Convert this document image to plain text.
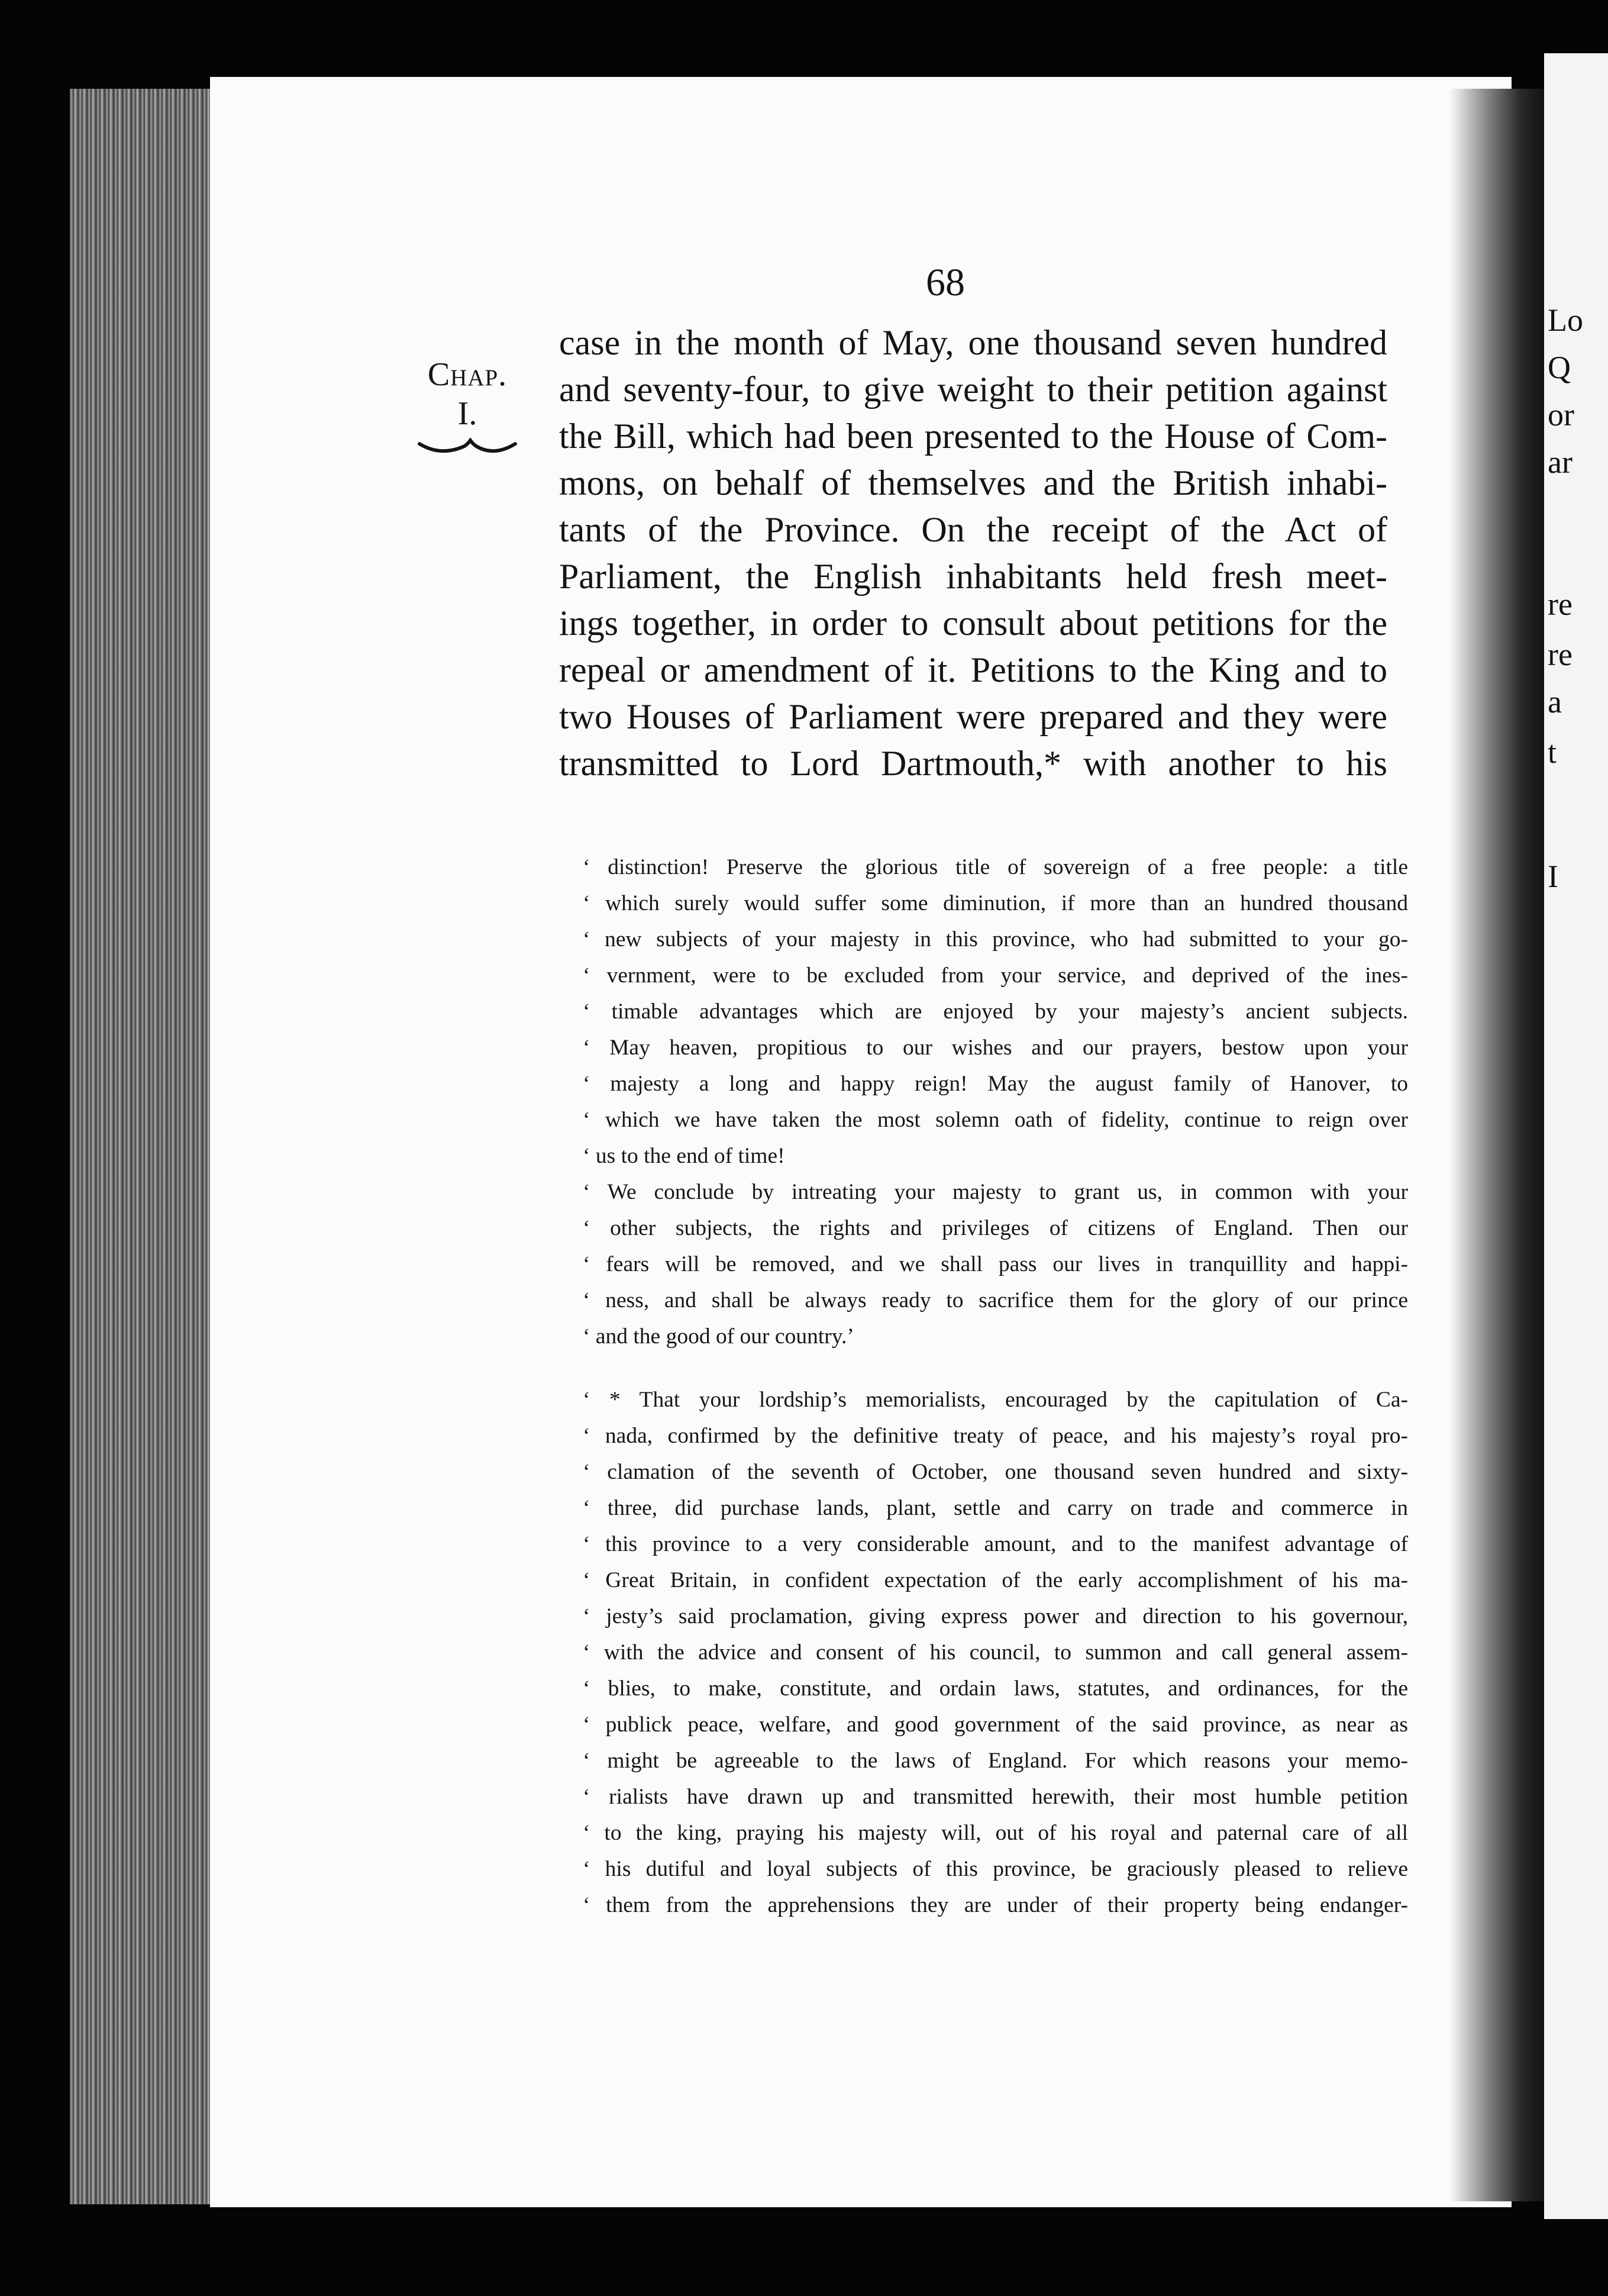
Lo
Q
or
ar
re
re
a
t
I
68
Chap.
I.
case in the month of May, one thousand seven hundred
and seventy-four, to give weight to their petition against
the Bill, which had been presented to the House of Com-
mons, on behalf of themselves and the British inhabi-
tants of the Province. On the receipt of the Act of
Parliament, the English inhabitants held fresh meet-
ings together, in order to consult about petitions for the
repeal or amendment of it. Petitions to the King and to
two Houses of Parliament were prepared and they were
transmitted to Lord Dartmouth,* with another to his
‘ distinction! Preserve the glorious title of sovereign of a free people: a title
‘ which surely would suffer some diminution, if more than an hundred thousand
‘ new subjects of your majesty in this province, who had submitted to your go-
‘ vernment, were to be excluded from your service, and deprived of the ines-
‘ timable advantages which are enjoyed by your majesty’s ancient subjects.
‘ May heaven, propitious to our wishes and our prayers, bestow upon your
‘ majesty a long and happy reign! May the august family of Hanover, to
‘ which we have taken the most solemn oath of fidelity, continue to reign over
‘ us to the end of time!
‘ We conclude by intreating your majesty to grant us, in common with your
‘ other subjects, the rights and privileges of citizens of England. Then our
‘ fears will be removed, and we shall pass our lives in tranquillity and happi-
‘ ness, and shall be always ready to sacrifice them for the glory of our prince
‘ and the good of our country.’
‘ * That your lordship’s memorialists, encouraged by the capitulation of Ca-
‘ nada, confirmed by the definitive treaty of peace, and his majesty’s royal pro-
‘ clamation of the seventh of October, one thousand seven hundred and sixty-
‘ three, did purchase lands, plant, settle and carry on trade and commerce in
‘ this province to a very considerable amount, and to the manifest advantage of
‘ Great Britain, in confident expectation of the early accomplishment of his ma-
‘ jesty’s said proclamation, giving express power and direction to his governour,
‘ with the advice and consent of his council, to summon and call general assem-
‘ blies, to make, constitute, and ordain laws, statutes, and ordinances, for the
‘ publick peace, welfare, and good government of the said province, as near as
‘ might be agreeable to the laws of England. For which reasons your memo-
‘ rialists have drawn up and transmitted herewith, their most humble petition
‘ to the king, praying his majesty will, out of his royal and paternal care of all
‘ his dutiful and loyal subjects of this province, be graciously pleased to relieve
‘ them from the apprehensions they are under of their property being endanger-
